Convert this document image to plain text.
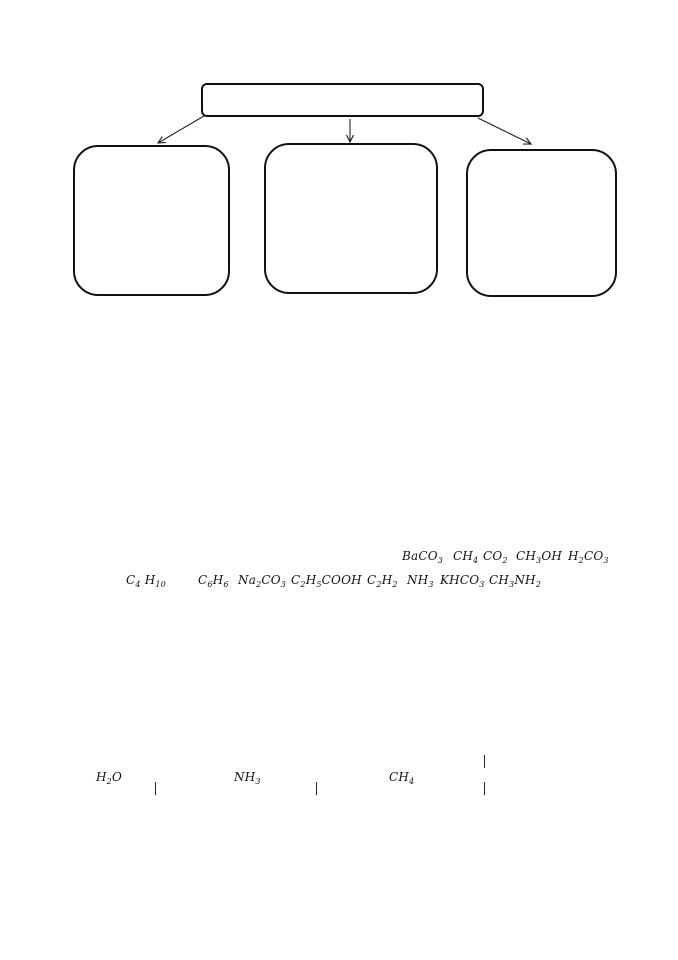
BaCO$_3$ $CH_4$ $CO_2$ $CH_3OH$ $H_2CO_3$
$C_4$ $H_{10}$	$C_6H_6$ $Na_2CO_3$ $C_2H_5COOH$ $C_2H_2$ $NH_3$ $KHCO_3$ $CH_3NH_2$
$H_2O$	$NH_3$	$CH_4$
